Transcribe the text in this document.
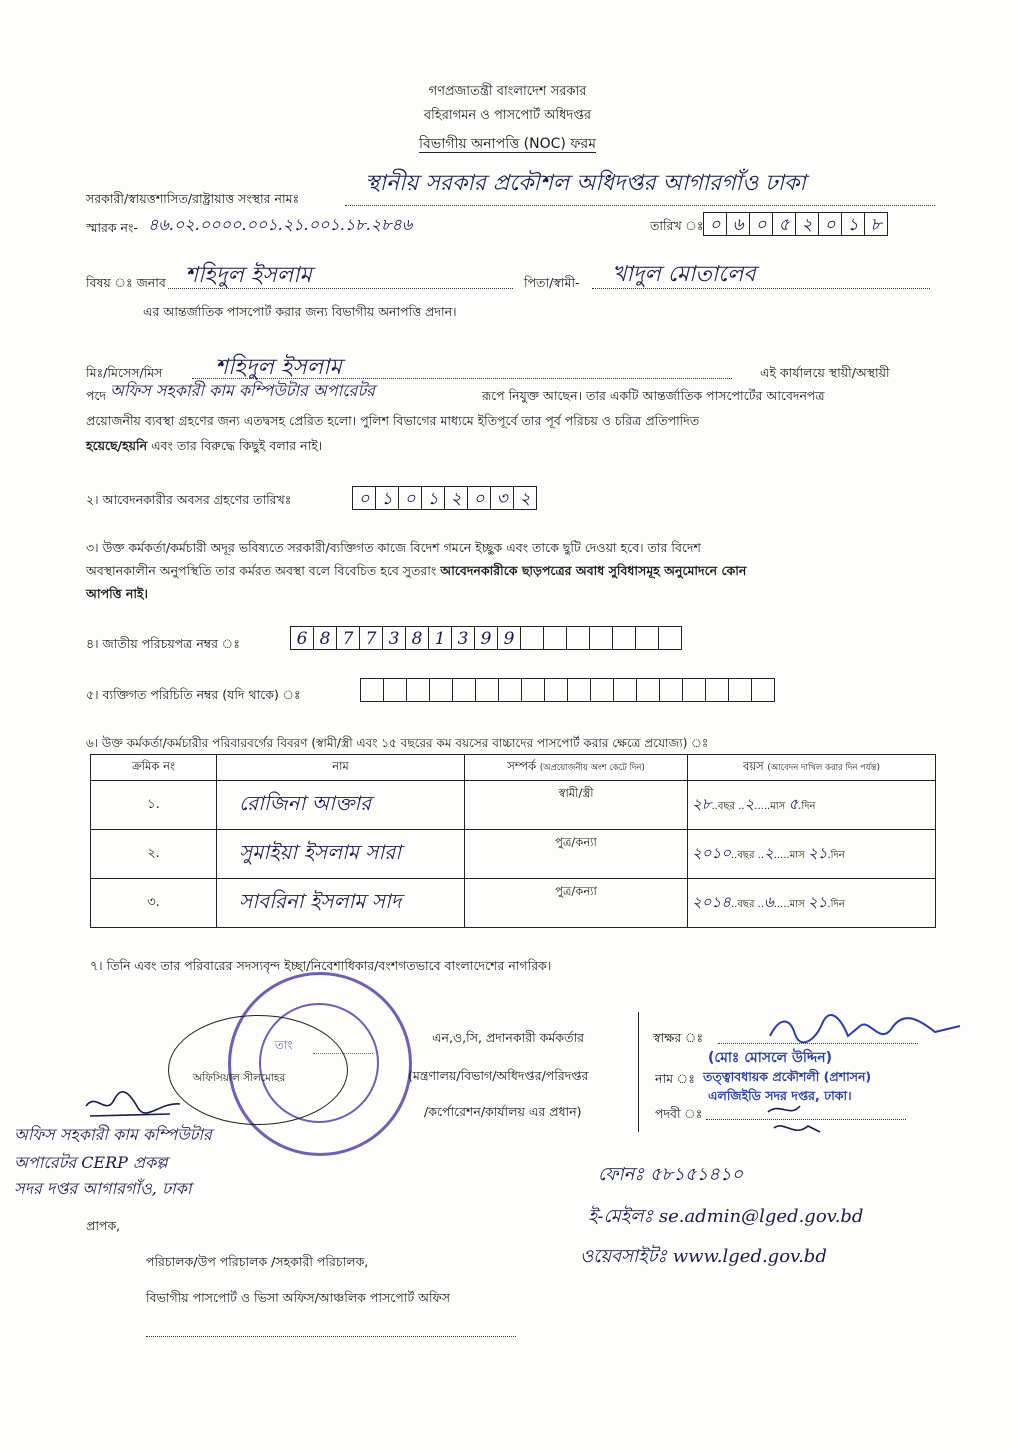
গণপ্রজাতন্ত্রী বাংলাদেশ সরকার
বহিরাগমন ও পাসপোর্ট অধিদপ্তর
বিভাগীয় অনাপত্তি (NOC) ফরম
সরকারী/স্বায়ত্তশাসিত/রাষ্ট্রায়াত্ত সংস্থার নামঃ
স্থানীয় সরকার প্রকৌশল অধিদপ্তর আগারগাঁও ঢাকা
স্মারক নং- ৪৬.০২.০০০০.০০১.২১.০০১.১৮.২৮৪৬	তারিখ ঃ ০ ৬ ০ ৫ ২ ০ ১ ৮
বিষয় ঃ জনাব শহিদুল ইসলাম	পিতা/স্বামী- খাদুল মোতালেব
এর আন্তর্জাতিক পাসপোর্ট করার জন্য বিভাগীয় অনাপত্তি প্রদান।
মিঃ/মিসেস/মিস শহিদুল ইসলাম	এই কার্যালয়ে স্থায়ী/অস্থায়ী
পদে অফিস সহকারী কাম কম্পিউটার অপারেটর	রূপে নিযুক্ত আছেন। তার একটি আন্তর্জাতিক পাসপোর্টের আবেদনপত্র
প্রয়োজনীয় ব্যবস্থা গ্রহণের জন্য এতদ্বসহ প্রেরিত হলো। পুলিশ বিভাগের মাধ্যমে ইতিপূর্বে তার পূর্ব পরিচয় ও চরিত্র প্রতিপাদিত
হয়েছে/হয়নি এবং তার বিরুদ্ধে কিছুই বলার নাই।
২। আবেদনকারীর অবসর গ্রহণের তারিখঃ	০ ১ ০ ১ ২ ০ ৩ ২
৩। উক্ত কর্মকর্তা/কর্মচারী অদূর ভবিষ্যতে সরকারী/ব্যক্তিগত কাজে বিদেশ গমনে ইচ্ছুক এবং তাকে ছুটি দেওয়া হবে। তার বিদেশ
অবস্থানকালীন অনুপস্থিতি তার কর্মরত অবস্থা বলে বিবেচিত হবে সুতরাং আবেদনকারীকে ছাড়পত্রের অবাধ সুবিধাসমূহ অনুমোদনে কোন
আপত্তি নাই।
৪। জাতীয় পরিচয়পত্র নম্বর ঃ	6 8 7 7 3 8 1 3 9 9
৫। ব্যক্তিগত পরিচিতি নম্বর (যদি থাকে) ঃ
৬। উক্ত কর্মকর্তা/কর্মচারীর পরিবারবর্গের বিবরণ (স্বামী/স্ত্রী এবং ১৫ বছরের কম বয়সের বাচ্চাদের পাসপোর্ট করার ক্ষেত্রে প্রযোজ্য) ঃ
ক্রমিক নং	নাম	সম্পর্ক (অপ্রয়োজনীয় অংশ কেটে দিন)	বয়স (আবেদন দাখিল করার দিন পর্যন্ত)
১.	রোজিনা আক্তার	স্বামী/স্ত্রী	২৮..বছর ..২.....মাস ৫.দিন
২.	সুমাইয়া ইসলাম সারা	পুত্র/কন্যা	২০১০..বছর ..২.....মাস ২১.দিন
৩.	সাবরিনা ইসলাম সাদ	পুত্র/কন্যা	২০১৪..বছর ..৬.....মাস ২১.দিন
৭। তিনি এবং তার পরিবারের সদস্যবৃন্দ ইচ্ছা/নিবেশাধিকার/বংশগতভাবে বাংলাদেশের নাগরিক।
তাং
অফিসিয়াল সীলমোহর
এন,ও,সি, প্রদানকারী কর্মকর্তার
(মন্ত্রণালয়/বিভাগ/অধিদপ্তর/পরিদপ্তর
/কর্পোরেশন/কার্যালয় এর প্রধান)
স্বাক্ষর ঃ
(মোঃ মোসলে উদ্দিন)
নাম ঃ তত্ত্বাবধায়ক প্রকৌশলী (প্রশাসন)
এলজিইডি সদর দপ্তর, ঢাকা।
পদবী ঃ
অফিস সহকারী কাম কম্পিউটার
অপারেটর CERP প্রকল্প
সদর দপ্তর আগারগাঁও, ঢাকা
ফোনঃ ৫৮১৫১৪১০
ই-মেইলঃ se.admin@lged.gov.bd
ওয়েবসাইটঃ www.lged.gov.bd
প্রাপক,
পরিচালক/উপ পরিচালক /সহকারী পরিচালক,
বিভাগীয় পাসপোর্ট ও ভিসা অফিস/আঞ্চলিক পাসপোর্ট অফিস
